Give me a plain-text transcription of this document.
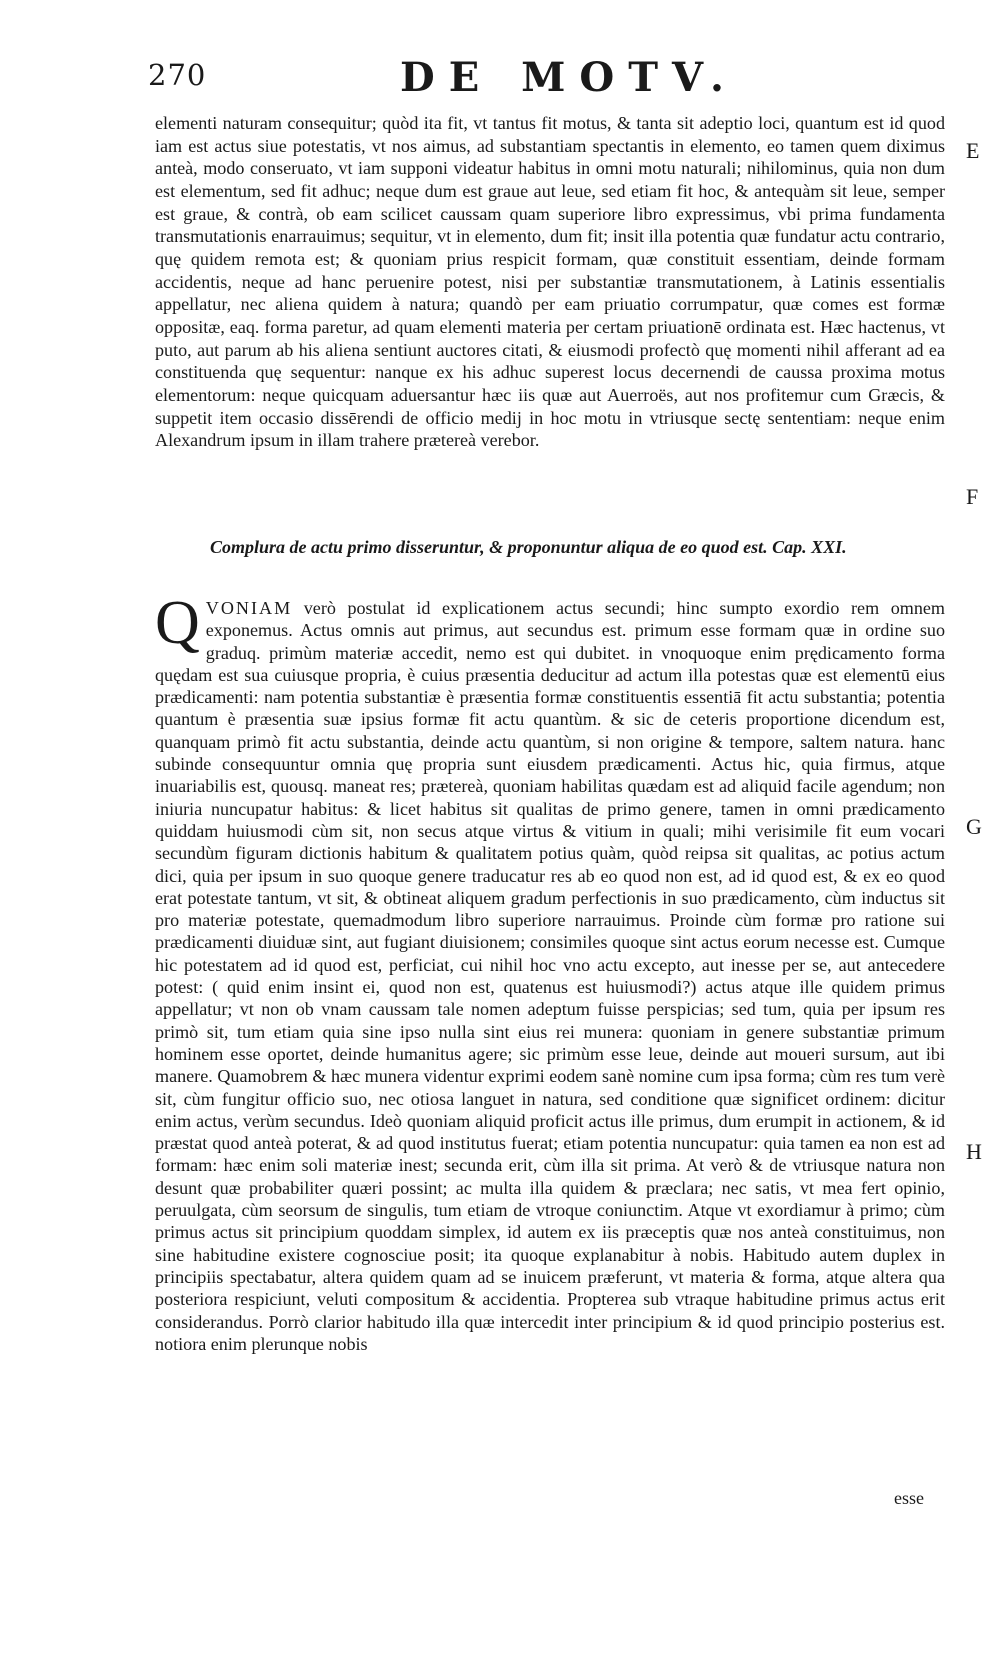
270	DE MOTV.

elementi naturam consequitur; quòd ita fit, vt tantus fit motus, & tanta sit adeptio loci, quantum est id quod iam est actus siue potestatis, vt nos aimus, ad substantiam spectantis in elemento, eo tamen quem diximus anteà, modo conseruato, vt iam supponi videatur habitus in omni motu naturali; nihilominus, quia non dum est elementum, sed fit adhuc; neque dum est graue aut leue, sed etiam fit hoc, & antequàm sit leue, semper est graue, & contrà, ob eam scilicet caussam quam superiore libro expressimus, vbi prima fundamenta transmutationis enarrauimus; sequitur, vt in elemento, dum fit; insit illa potentia quæ fundatur actu contrario, quę quidem remota est; & quoniam prius respicit formam, quæ constituit essentiam, deinde formam accidentis, neque ad hanc peruenire potest, nisi per substantiæ transmutationem, à Latinis essentialis appellatur, nec aliena quidem à natura; quandò per eam priuatio corrumpatur, quæ comes est formæ oppositæ, eaq. forma paretur, ad quam elementi materia per certam priuationē ordinata est. Hæc hactenus, vt puto, aut parum ab his aliena sentiunt auctores citati, & eiusmodi profectò quę momenti nihil afferant ad ea constituenda quę sequentur: nanque ex his adhuc superest locus decernendi de caussa proxima motus elementorum: neque quicquam aduersantur hæc iis quæ aut Auerroës, aut nos profitemur cum Græcis, & suppetit item occasio dissērendi de officio medij in hoc motu in vtriusque sectę sententiam: neque enim Alexandrum ipsum in illam trahere prætereà verebor.

E
F
Complura de actu primo disseruntur, & proponuntur aliqua de eo quod est. Cap. XXI.

QVONIAM verò postulat id explicationem actus secundi; hinc sumpto exordio rem omnem exponemus. Actus omnis aut primus, aut secundus est. primum esse formam quæ in ordine suo graduq. primùm materiæ accedit, nemo est qui dubitet. in vnoquoque enim prędicamento forma quędam est sua cuiusque propria, è cuius præsentia deducitur ad actum illa potestas quæ est elementū eius prædicamenti: nam potentia substantiæ è præsentia formæ constituentis essentiā fit actu substantia; potentia quantum è præsentia suæ ipsius formæ fit actu quantùm. & sic de ceteris proportione dicendum est, quanquam primò fit actu substantia, deinde actu quantùm, si non origine & tempore, saltem natura. hanc subinde consequuntur omnia quę propria sunt eiusdem prædicamenti. Actus hic, quia firmus, atque inuariabilis est, quousq. maneat res; prætereà, quoniam habilitas quædam est ad aliquid facile agendum; non iniuria nuncupatur habitus: & licet habitus sit qualitas de primo genere, tamen in omni prædicamento quiddam huiusmodi cùm sit, non secus atque virtus & vitium in quali; mihi verisimile fit eum vocari secundùm figuram dictionis habitum & qualitatem potius quàm, quòd reipsa sit qualitas, ac potius actum dici, quia per ipsum in suo quoque genere traducatur res ab eo quod non est, ad id quod est, & ex eo quod erat potestate tantum, vt sit, & obtineat aliquem gradum perfectionis in suo prædicamento, cùm inductus sit pro materiæ potestate, quemadmodum libro superiore narrauimus. Proinde cùm formæ pro ratione sui prædicamenti diuiduæ sint, aut fugiant diuisionem; consimiles quoque sint actus eorum necesse est. Cumque hic potestatem ad id quod est, perficiat, cui nihil hoc vno actu excepto, aut inesse per se, aut antecedere potest: ( quid enim insint ei, quod non est, quatenus est huiusmodi?) actus atque ille quidem primus appellatur; vt non ob vnam caussam tale nomen adeptum fuisse perspicias; sed tum, quia per ipsum res primò sit, tum etiam quia sine ipso nulla sint eius rei munera: quoniam in genere substantiæ primum hominem esse oportet, deinde humanitus agere; sic primùm esse leue, deinde aut moueri sursum, aut ibi manere. Quamobrem & hæc munera videntur exprimi eodem sanè nomine cum ipsa forma; cùm res tum verè sit, cùm fungitur officio suo, nec otiosa languet in natura, sed conditione quæ significet ordinem: dicitur enim actus, verùm secundus. Ideò quoniam aliquid proficit actus ille primus, dum erumpit in actionem, & id præstat quod anteà poterat, & ad quod institutus fuerat; etiam potentia nuncupatur: quia tamen ea non est ad formam: hæc enim soli materiæ inest; secunda erit, cùm illa sit prima. At verò & de vtriusque natura non desunt quæ probabiliter quæri possint; ac multa illa quidem & præclara; nec satis, vt mea fert opinio, peruulgata, cùm seorsum de singulis, tum etiam de vtroque coniunctim. Atque vt exordiamur à primo; cùm primus actus sit principium quoddam simplex, id autem ex iis præceptis quæ nos anteà constituimus, non sine habitudine existere cognosciue posit; ita quoque explanabitur à nobis. Habitudo autem duplex in principiis spectabatur, altera quidem quam ad se inuicem præferunt, vt materia & forma, atque altera qua posteriora respiciunt, veluti compositum & accidentia. Propterea sub vtraque habitudine primus actus erit considerandus. Porrò clarior habitudo illa quæ intercedit inter principium & id quod principio posterius est. notiora enim plerunque nobis

G
H
esse
